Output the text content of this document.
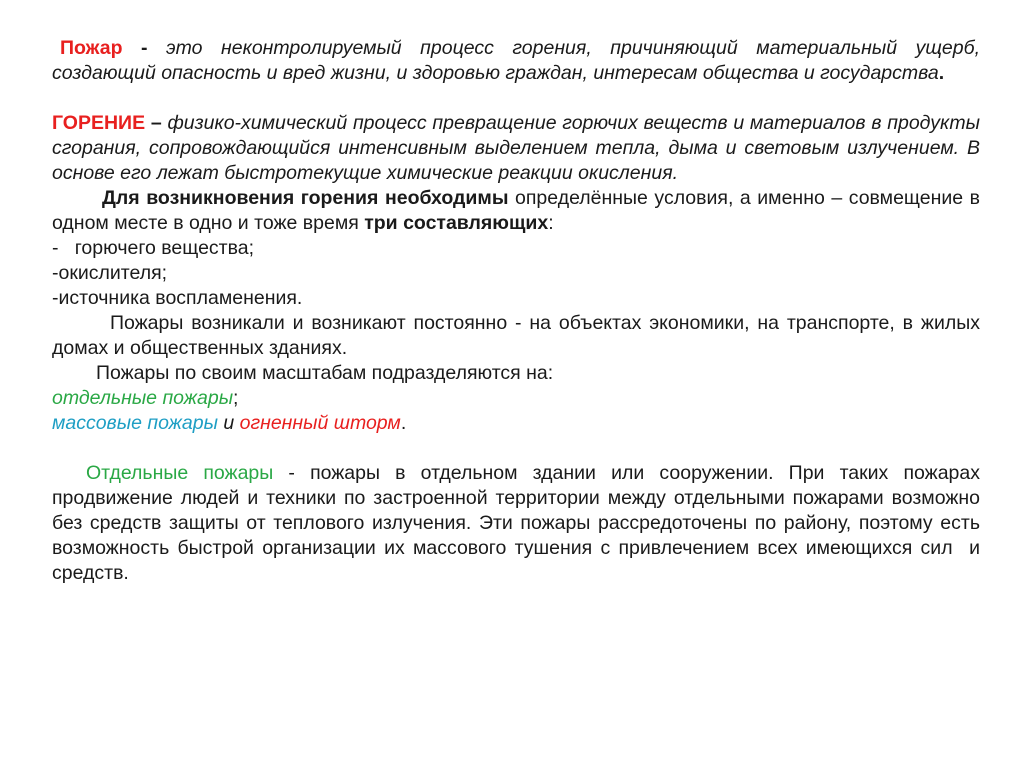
Пожар - это неконтролируемый процесс горения, причиняющий материальный ущерб, создающий опасность и вред жизни, и здоровью граждан, интересам общества и государства.

ГОРЕНИЕ – физико-химический процесс превращение горючих веществ и материалов в продукты сгорания, сопровождающийся интенсивным выделением тепла, дыма и световым излучением. В основе его лежат быстротекущие химические реакции окисления.

Для возникновения горения необходимы определённые условия, а именно – совмещение в одном месте в одно и тоже время три составляющих:

-   горючего вещества;

-окислителя;

-источника воспламенения.

Пожары возникали и возникают постоянно - на объектах экономики, на транспорте, в жилых домах и общественных зданиях.

Пожары по своим масштабам подразделяются на:

отдельные пожары;

массовые пожары и огненный шторм.

Отдельные пожары - пожары в отдельном здании или сооружении. При таких пожарах продвижение людей и техники по застроенной территории между отдельными пожарами возможно без средств защиты от теплового излучения. Эти пожары рассредоточены по району, поэтому есть возможность быстрой организации их массового тушения с привлечением всех имеющихся сил  и средств.
